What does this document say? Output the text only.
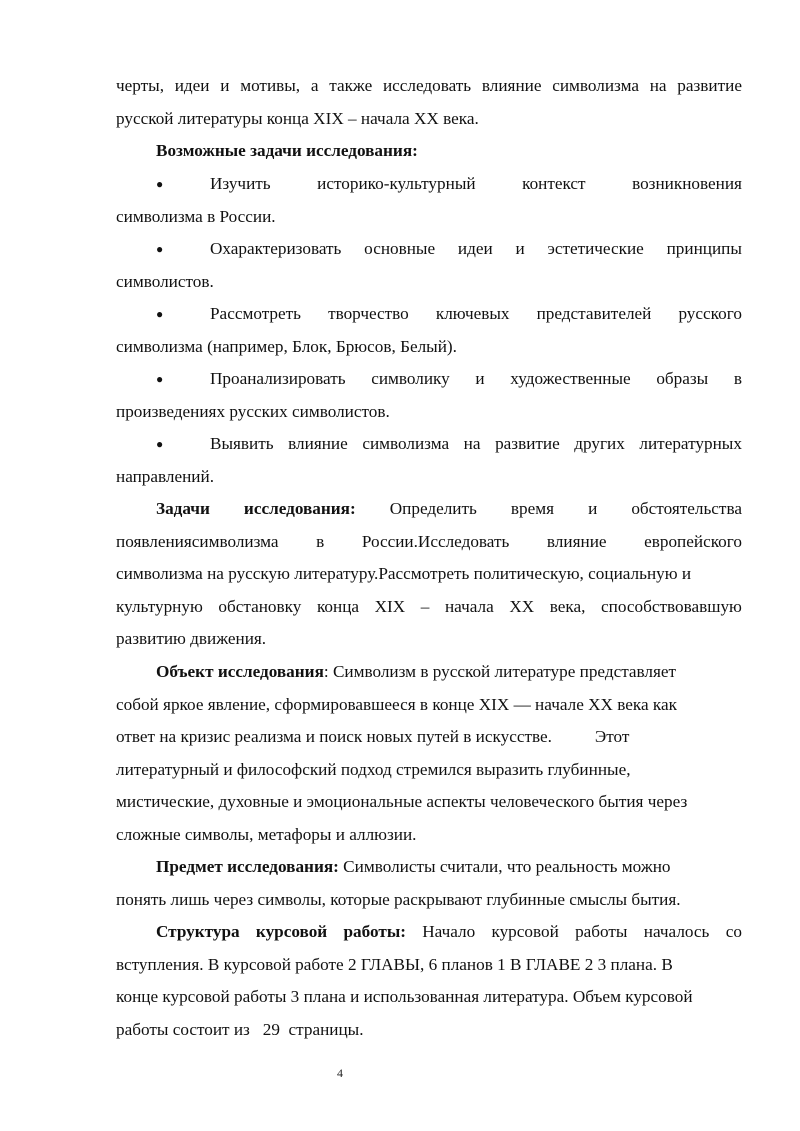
черты, идеи и мотивы, а также исследовать влияние символизма на развитие
русской литературы конца XIX – начала XX века.
Возможные задачи исследования:
●	Изучить	историко-культурный	контекст	возникновения
символизма в России.
●	Охарактеризовать основные идеи и эстетические принципы
символистов.
●	Рассмотреть творчество ключевых представителей русского
символизма (например, Блок, Брюсов, Белый).
●	Проанализировать символику и художественные образы в
произведениях русских символистов.
●	Выявить влияние символизма на развитие других литературных
направлений.
Задачи исследования: Определить время и обстоятельства
появлениясимволизма в России.Исследовать влияние европейского
символизма на русскую литературу.Рассмотреть политическую, социальную и
культурную обстановку конца XIX – начала XX века, способствовавшую
развитию движения.
Объект исследования: Символизм в русской литературе представляет
собой яркое явление, сформировавшееся в конце XIX — начале XX века как
ответ на кризис реализма и поиск новых путей в искусстве.          Этот
литературный и философский подход стремился выразить глубинные,
мистические, духовные и эмоциональные аспекты человеческого бытия через
сложные символы, метафоры и аллюзии.
Предмет исследования: Символисты считали, что реальность можно
понять лишь через символы, которые раскрывают глубинные смыслы бытия.
Структура курсовой работы: Начало курсовой работы началось со
вступления. В курсовой работе 2 ГЛАВЫ, 6 планов 1 В ГЛАВЕ 2 3 плана. В
конце курсовой работы 3 плана и использованная литература. Объем курсовой
работы состоит из   29  страницы.
4
